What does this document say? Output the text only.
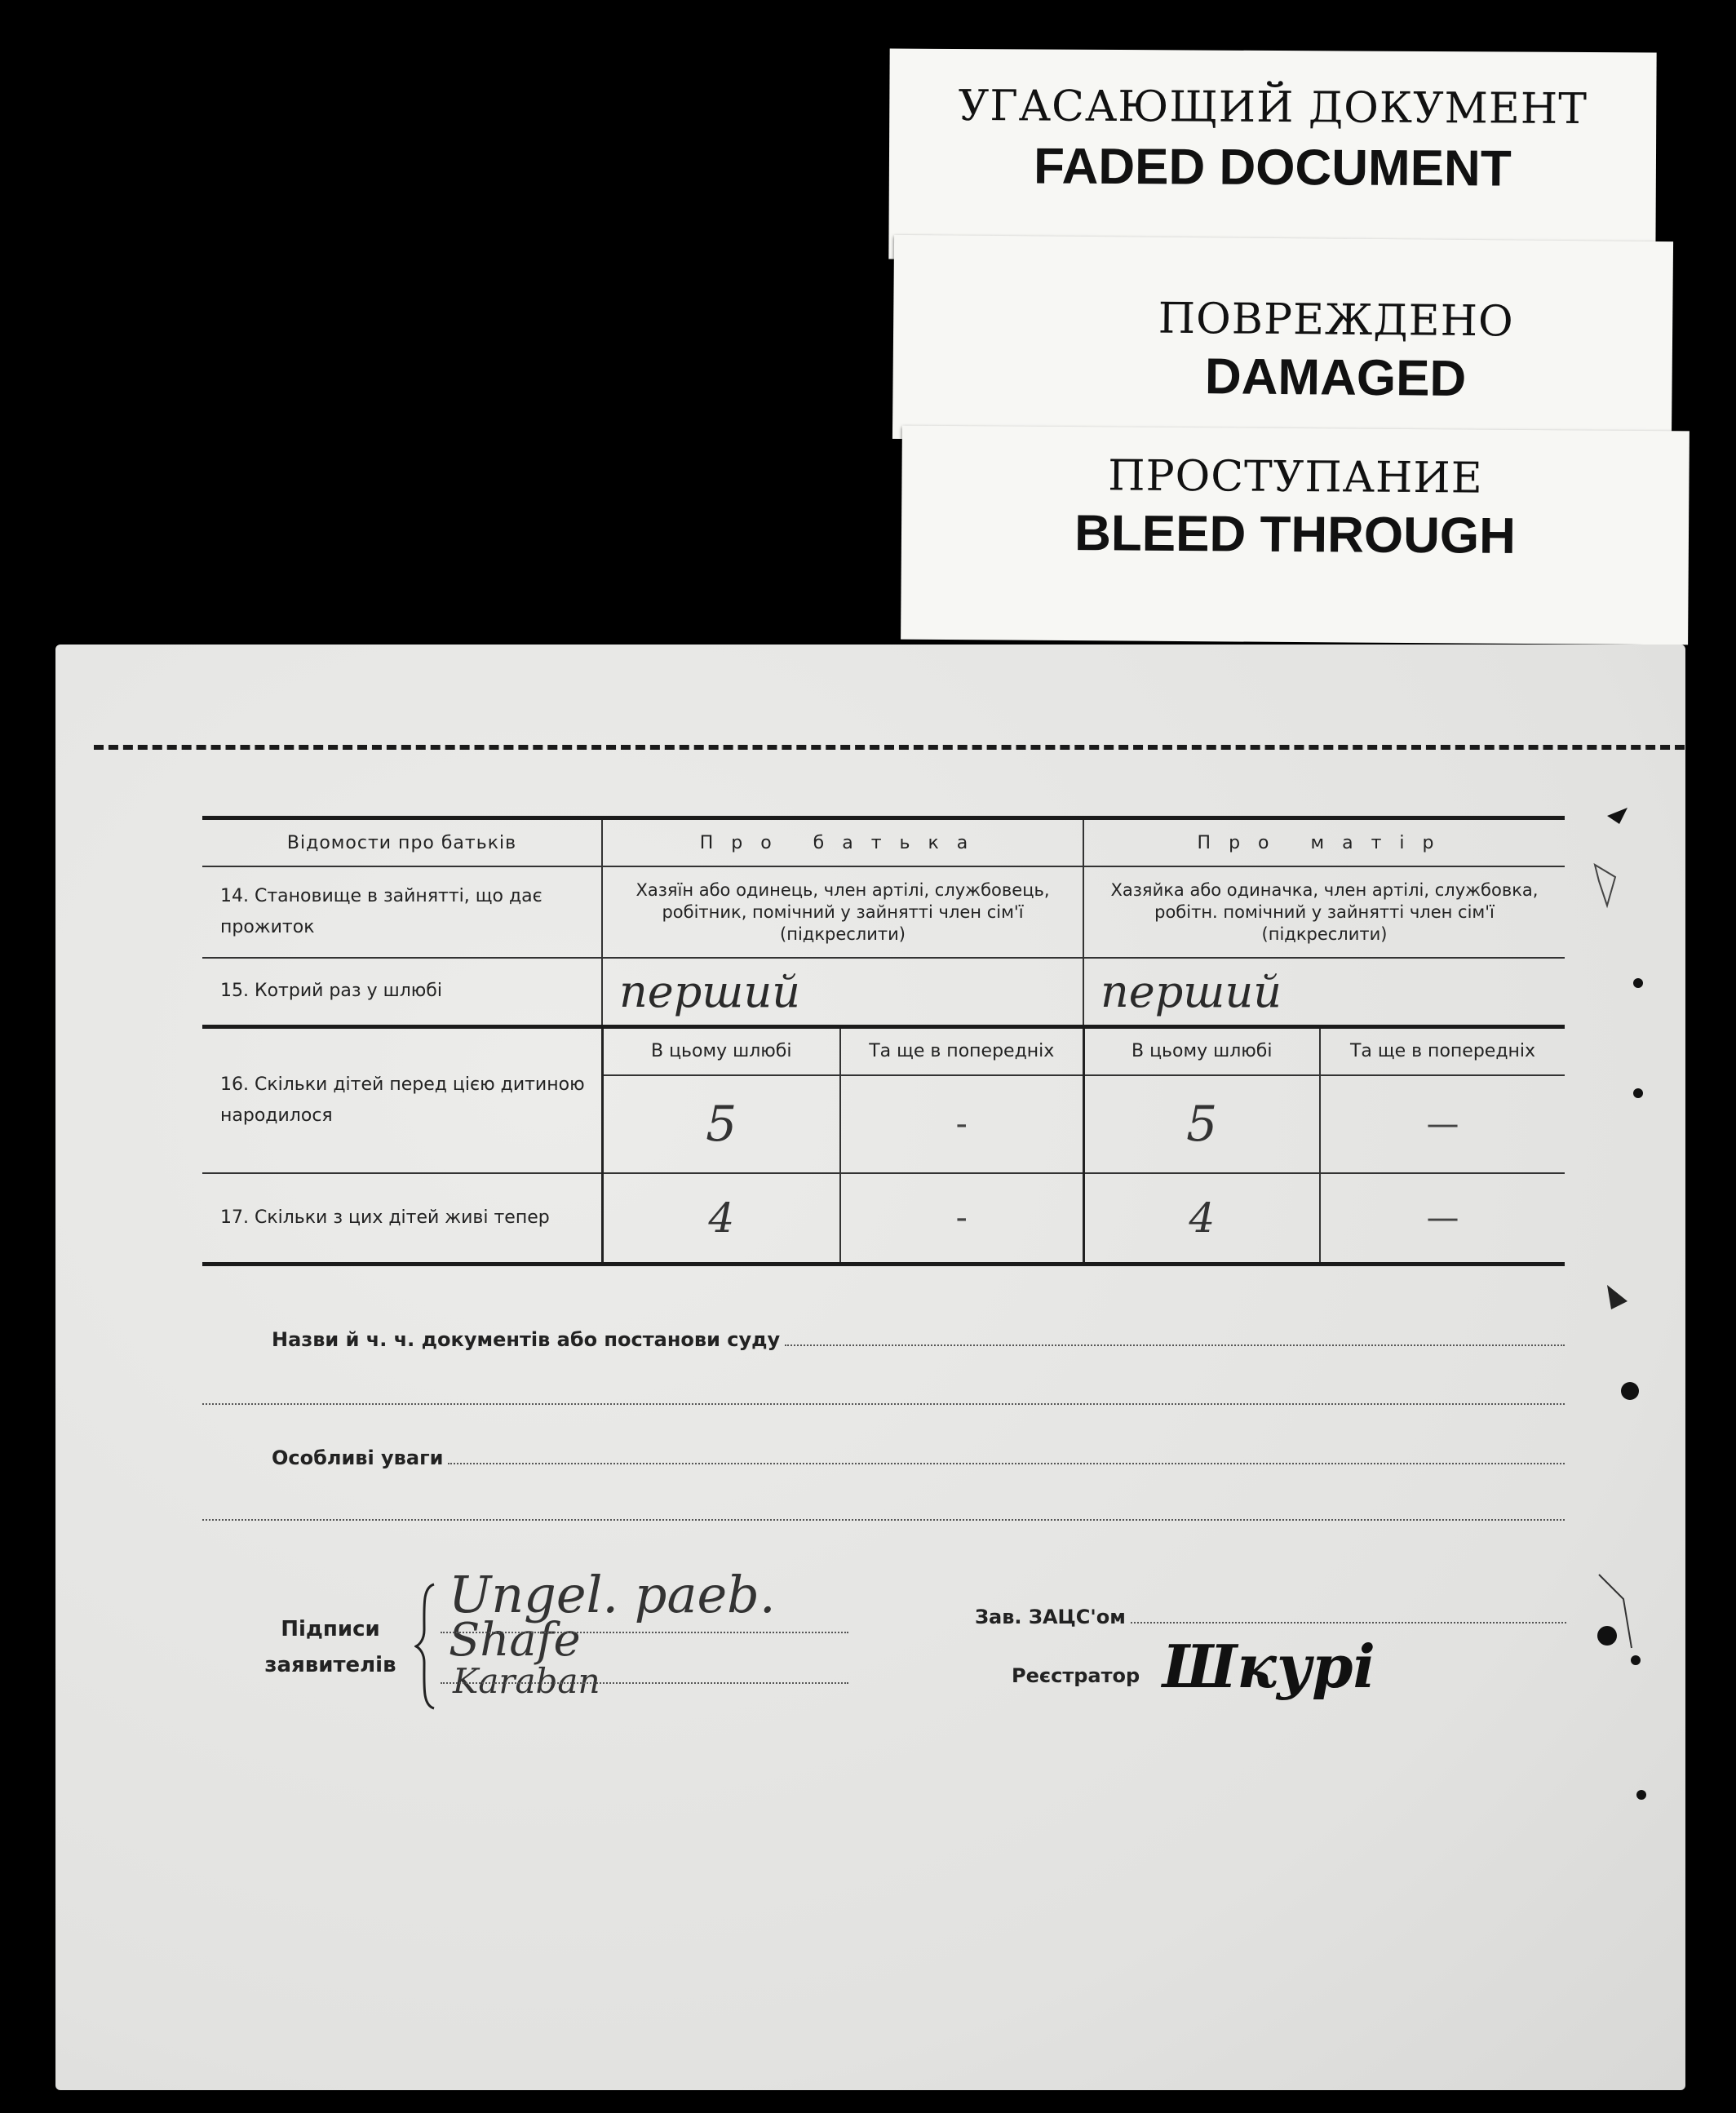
УГАСАЮЩИЙ ДОКУМЕНТ
FADED DOCUMENT
ПОВРЕЖДЕНО
DAMAGED
ПРОСТУПАНИЕ
BLEED THROUGH
Відомости про батьків	Про батька		Про матір	
14. Становище в зайнятті, що дає прожиток	Хазяїн або одинець, член артілі, службовець, робітник, помічний у зайнятті член сім'ї (підкреслити)		Хазяйка або одиначка, член артілі, службовка, робітн. помічний у зайнятті член сім'ї (підкреслити)	
15. Котрий раз у шлюбі	перший		перший	
16. Скільки дітей перед цією дитиною народилося	В цьому шлюбі	Та ще в попередніх	В цьому шлюбі	Та ще в попередніх
	5	-	5	—
17. Скільки з цих дітей живі тепер	4	-	4	—
Назви й ч. ч. документів або постанови суду
Особливі уваги
Підписи
заявителів
Ungel. paeb.
Shafe
Karaban
Зав. ЗАЦС'ом
Реєстратор Шкурі
